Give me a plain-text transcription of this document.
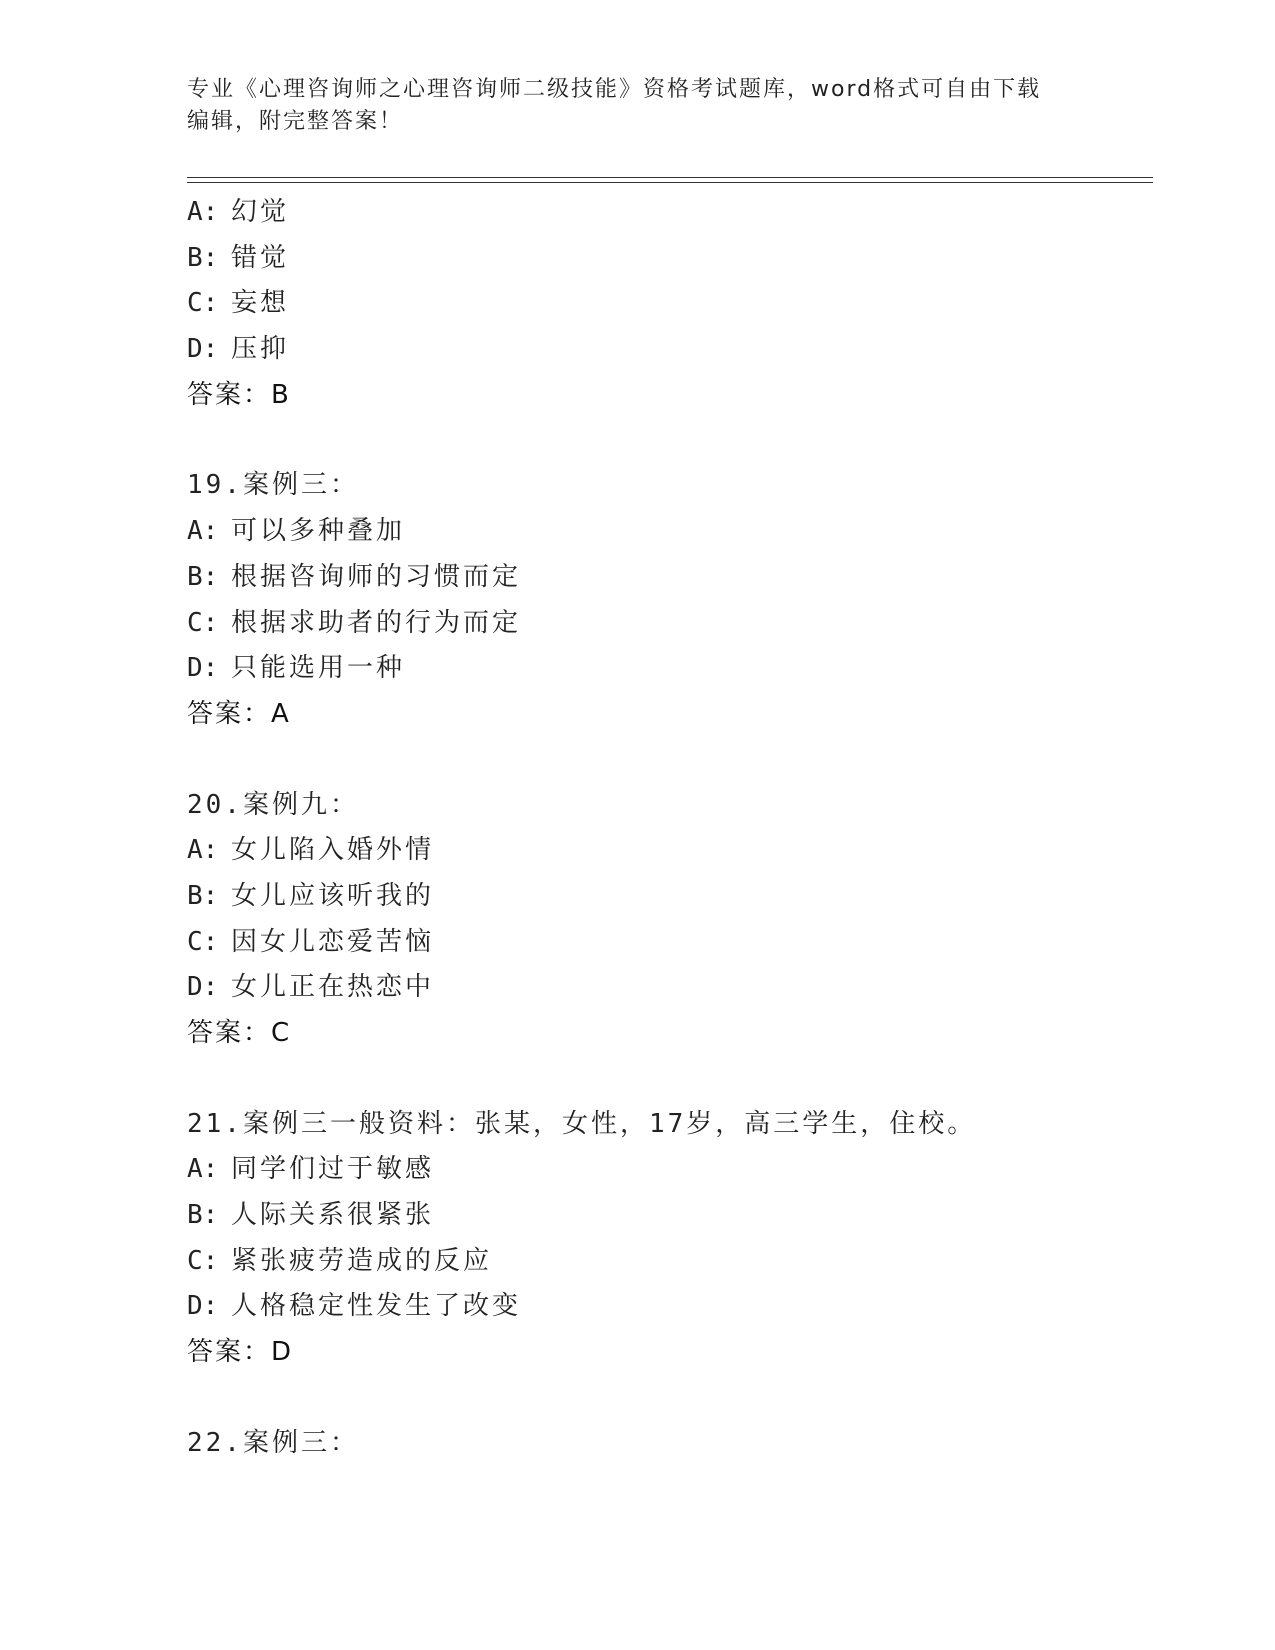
专业《心理咨询师之心理咨询师二级技能》资格考试题库，word格式可自由下载
编辑，附完整答案！
A: 幻觉
B: 错觉
C: 妄想
D: 压抑
答案：B
19.案例三：
A: 可以多种叠加
B: 根据咨询师的习惯而定
C: 根据求助者的行为而定
D: 只能选用一种
答案：A
20.案例九：
A: 女儿陷入婚外情
B: 女儿应该听我的
C: 因女儿恋爱苦恼
D: 女儿正在热恋中
答案：C
21.案例三一般资料：张某，女性，17岁，高三学生，住校。
A: 同学们过于敏感
B: 人际关系很紧张
C: 紧张疲劳造成的反应
D: 人格稳定性发生了改变
答案：D
22.案例三：
